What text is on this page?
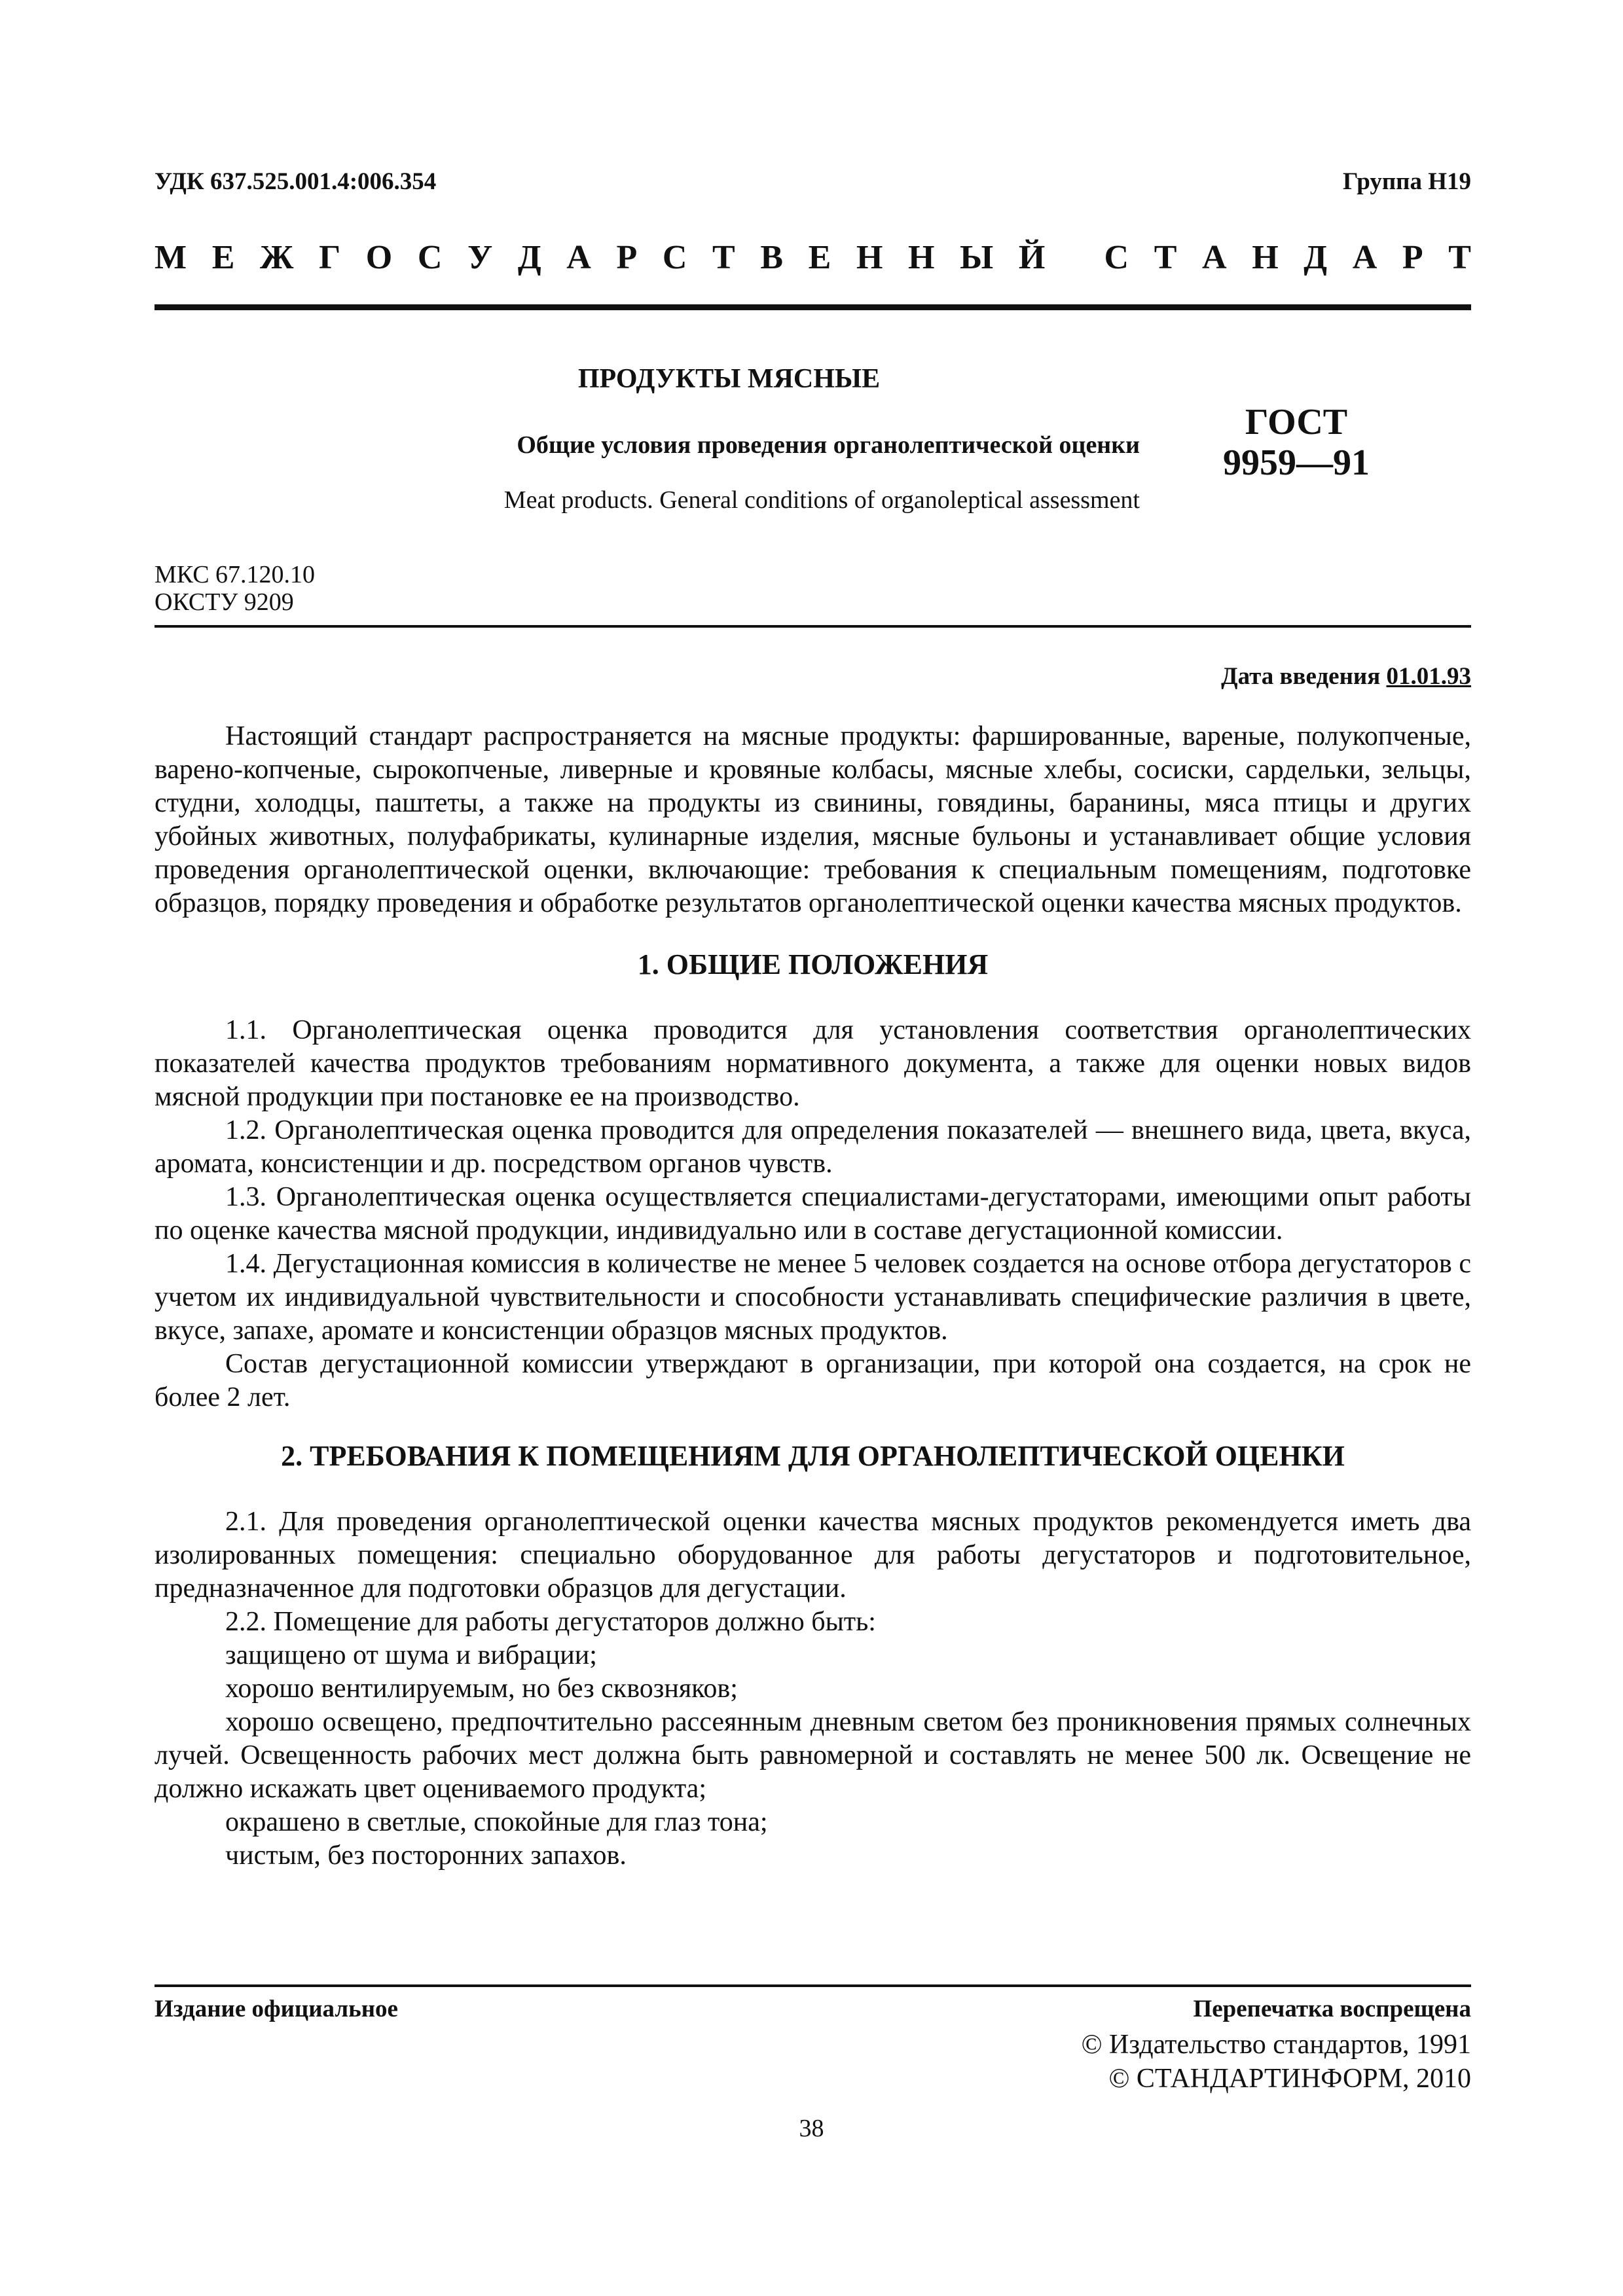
УДК 637.525.001.4:006.354	Группа Н19
М Е Ж Г О С У Д А Р С Т В Е Н Н Ы Й
С Т А Н Д А Р Т
ПРОДУКТЫ МЯСНЫЕ
Общие условия проведения органолептической оценки
Meat products. General conditions of organoleptical assessment
ГОСТ
9959—91
МКС 67.120.10
ОКСТУ 9209
Дата введения 01.01.93

Настоящий стандарт распространяется на мясные продукты: фаршированные, вареные, полукопченые, варено-копченые, сырокопченые, ливерные и кровяные колбасы, мясные хлебы, сосиски, сардельки, зельцы, студни, холодцы, паштеты, а также на продукты из свинины, говядины, баранины, мяса птицы и других убойных животных, полуфабрикаты, кулинарные изделия, мясные бульоны и устанавливает общие условия проведения органолептической оценки, включающие: требования к специальным помещениям, подготовке образцов, порядку проведения и обработке результатов органолептической оценки качества мясных продуктов.

1. ОБЩИЕ ПОЛОЖЕНИЯ

1.1. Органолептическая оценка проводится для установления соответствия органолептических показателей качества продуктов требованиям нормативного документа, а также для оценки новых видов мясной продукции при постановке ее на производство.

1.2. Органолептическая оценка проводится для определения показателей — внешнего вида, цвета, вкуса, аромата, консистенции и др. посредством органов чувств.

1.3. Органолептическая оценка осуществляется специалистами-дегустаторами, имеющими опыт работы по оценке качества мясной продукции, индивидуально или в составе дегустационной комиссии.

1.4. Дегустационная комиссия в количестве не менее 5 человек создается на основе отбора дегустаторов с учетом их индивидуальной чувствительности и способности устанавливать специфические различия в цвете, вкусе, запахе, аромате и консистенции образцов мясных продуктов.

Состав дегустационной комиссии утверждают в организации, при которой она создается, на срок не более 2 лет.

2. ТРЕБОВАНИЯ К ПОМЕЩЕНИЯМ ДЛЯ ОРГАНОЛЕПТИЧЕСКОЙ ОЦЕНКИ

2.1. Для проведения органолептической оценки качества мясных продуктов рекомендуется иметь два изолированных помещения: специально оборудованное для работы дегустаторов и подготовительное, предназначенное для подготовки образцов для дегустации.

2.2. Помещение для работы дегустаторов должно быть:

защищено от шума и вибрации;

хорошо вентилируемым, но без сквозняков;

хорошо освещено, предпочтительно рассеянным дневным светом без проникновения прямых солнечных лучей. Освещенность рабочих мест должна быть равномерной и составлять не менее 500 лк. Освещение не должно искажать цвет оцениваемого продукта;

окрашено в светлые, спокойные для глаз тона;

чистым, без посторонних запахов.

Издание официальное	Перепечатка воспрещена
© Издательство стандартов, 1991
© СТАНДАРТИНФОРМ, 2010
38
